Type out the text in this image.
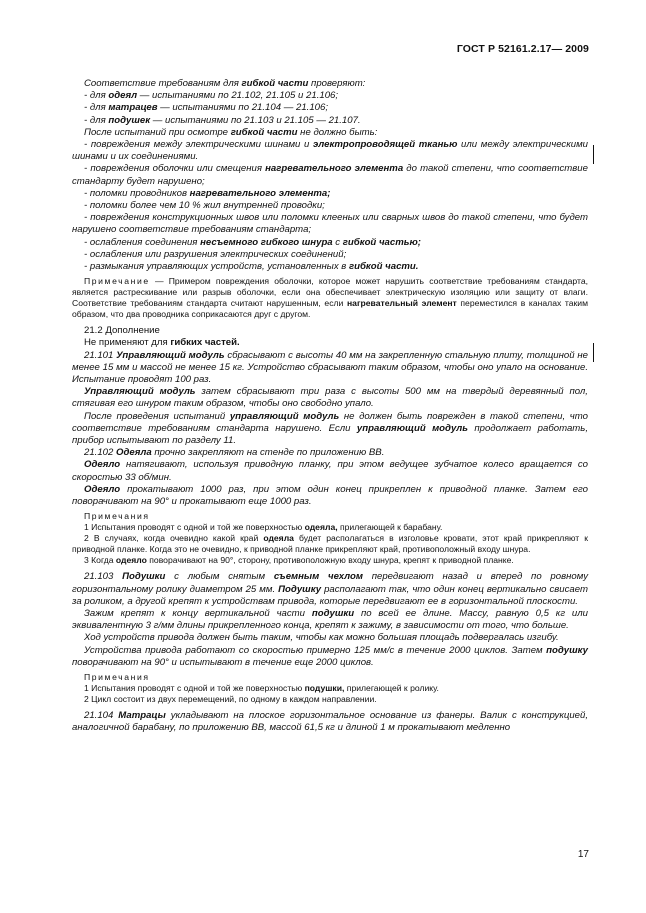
ГОСТ Р 52161.2.17— 2009

Соответствие требованиям для гибкой части проверяют:

- для одеял — испытаниями по 21.102, 21.105 и 21.106;

- для матрацев — испытаниями по 21.104 — 21.106;

- для подушек — испытаниями по 21.103 и 21.105 — 21.107.

После испытаний при осмотре гибкой части не должно быть:

- повреждения между электрическими шинами и электропроводящей тканью или между электрическими шинами и их соединениями.

- повреждения оболочки или смещения нагревательного элемента до такой степени, что соответствие стандарту будет нарушено;

- поломки проводников нагревательного элемента;

- поломки более чем 10 % жил внутренней проводки;

- повреждения конструкционных швов или поломки клееных или сварных швов до такой степени, что будет нарушено соответствие требованиям стандарта;

- ослабления соединения несъемного гибкого шнура с гибкой частью;

- ослабления или разрушения электрических соединений;

- размыкания управляющих устройств, установленных в гибкой части.

Примечание — Примером повреждения оболочки, которое может нарушить соответствие требованиям стандарта, является растрескивание или разрыв оболочки, если она обеспечивает электрическую изоляцию или защиту от влаги. Соответствие требованиям стандарта считают нарушенным, если нагревательный элемент переместился в каналах таким образом, что два проводника соприкасаются друг с другом.

21.2 Дополнение

Не применяют для гибких частей.

21.101 Управляющий модуль сбрасывают с высоты 40 мм на закрепленную стальную плиту, толщиной не менее 15 мм и массой не менее 15 кг. Устройство сбрасывают таким образом, чтобы оно упало на основание. Испытание проводят 100 раз.

Управляющий модуль затем сбрасывают три раза с высоты 500 мм на твердый деревянный пол, стягивая его шнуром таким образом, чтобы оно свободно упало.

После проведения испытаний управляющий модуль не должен быть поврежден в такой степени, что соответствие требованиям стандарта нарушено. Если управляющий модуль продолжает работать, прибор испытывают по разделу 11.

21.102 Одеяла прочно закрепляют на стенде по приложению ВВ.

Одеяло натягивают, используя приводную планку, при этом ведущее зубчатое колесо вращается со скоростью 33 об/мин.

Одеяло прокатывают 1000 раз, при этом один конец прикреплен к приводной планке. Затем его поворачивают на 90° и прокатывают еще 1000 раз.

Примечания

1 Испытания проводят с одной и той же поверхностью одеяла, прилегающей к барабану.

2 В случаях, когда очевидно какой край одеяла будет располагаться в изголовье кровати, этот край прикрепляют к приводной планке. Когда это не очевидно, к приводной планке прикрепляют край, противоположный входу шнура.

3 Когда одеяло поворачивают на 90°, сторону, противоположную входу шнура, крепят к приводной планке.

21.103 Подушки с любым снятым съемным чехлом передвигают назад и вперед по ровному горизонтальному ролику диаметром 25 мм. Подушку располагают так, что один конец вертикально свисает за роликом, а другой крепят к устройствам привода, которые передвигают ее в горизонтальной плоскости.

Зажим крепят к концу вертикальной части подушки по всей ее длине. Массу, равную 0,5 кг или эквивалентную 3 г/мм длины прикрепленного конца, крепят к зажиму, в зависимости от того, что больше.

Ход устройств привода должен быть таким, чтобы как можно большая площадь подвергалась изгибу.

Устройства привода работают со скоростью примерно 125 мм/с в течение 2000 циклов. Затем подушку поворачивают на 90° и испытывают в течение еще 2000 циклов.

Примечания

1 Испытания проводят с одной и той же поверхностью подушки, прилегающей к ролику.

2 Цикл состоит из двух перемещений, по одному в каждом направлении.

21.104 Матрацы укладывают на плоское горизонтальное основание из фанеры. Валик с конструкцией, аналогичной барабану, по приложению ВВ, массой 61,5 кг и длиной 1 м прокатывают медленно

17
